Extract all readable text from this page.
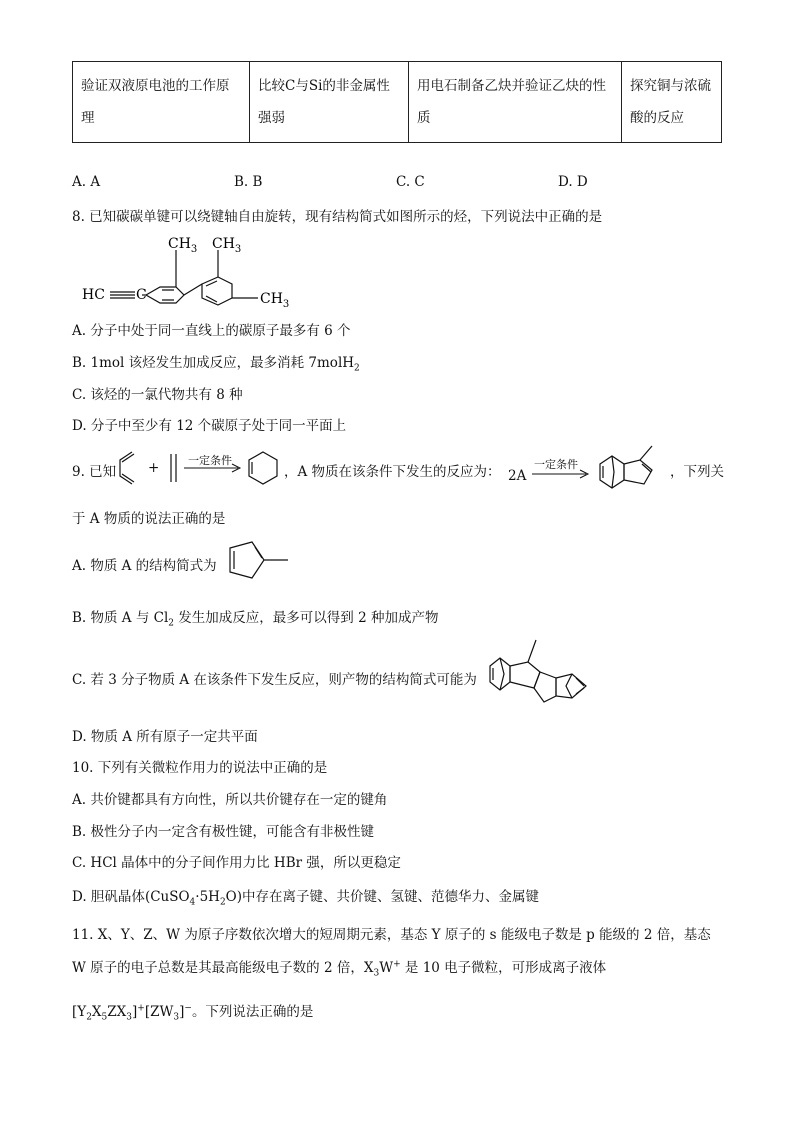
验证双液原电池的工作原理	比较C与Si的非金属性强弱	用电石制备乙炔并验证乙炔的性质	探究铜与浓硫酸的反应
A. A	B. B	C. C	D. D
8. 已知碳碳单键可以绕键轴自由旋转，现有结构简式如图所示的烃，下列说法中正确的是
HC C
$CH_3$ $CH_3$
$CH_3$
A. 分子中处于同一直线上的碳原子最多有 6 个
B. 1mol 该烃发生加成反应，最多消耗 7molH$_2$
C. 该烃的一氯代物共有 8 种
D. 分子中至少有 12 个碳原子处于同一平面上
9. 已知 +	一定条件
，A 物质在该条件下发生的反应为： 2A
一定条件	，下列关
于 A 物质的说法正确的是
A. 物质 A 的结构简式为
B. 物质 A 与 $Cl_2$ 发生加成反应，最多可以得到 2 种加成产物
C. 若 3 分子物质 A 在该条件下发生反应，则产物的结构简式可能为
D. 物质 A 所有原子一定共平面
10. 下列有关微粒作用力的说法中正确的是
A. 共价键都具有方向性，所以共价键存在一定的键角
B. 极性分子内一定含有极性键，可能含有非极性键
C. HCl 晶体中的分子间作用力比 HBr 强，所以更稳定
D. 胆矾晶体$(CuSO_4\cdot 5H_2O)$中存在离子键、共价键、氢键、范德华力、金属键
11. X、Y、Z、W 为原子序数依次增大的短周期元素，基态 Y 原子的 s 能级电子数是 p 能级的 2 倍，基态
W 原子的电子总数是其最高能级电子数的 2 倍，$X_3W^+$ 是 10 电子微粒，可形成离子液体
$[Y_2X_5ZX_3]^+[ZW_3]^-$。下列说法正确的是
